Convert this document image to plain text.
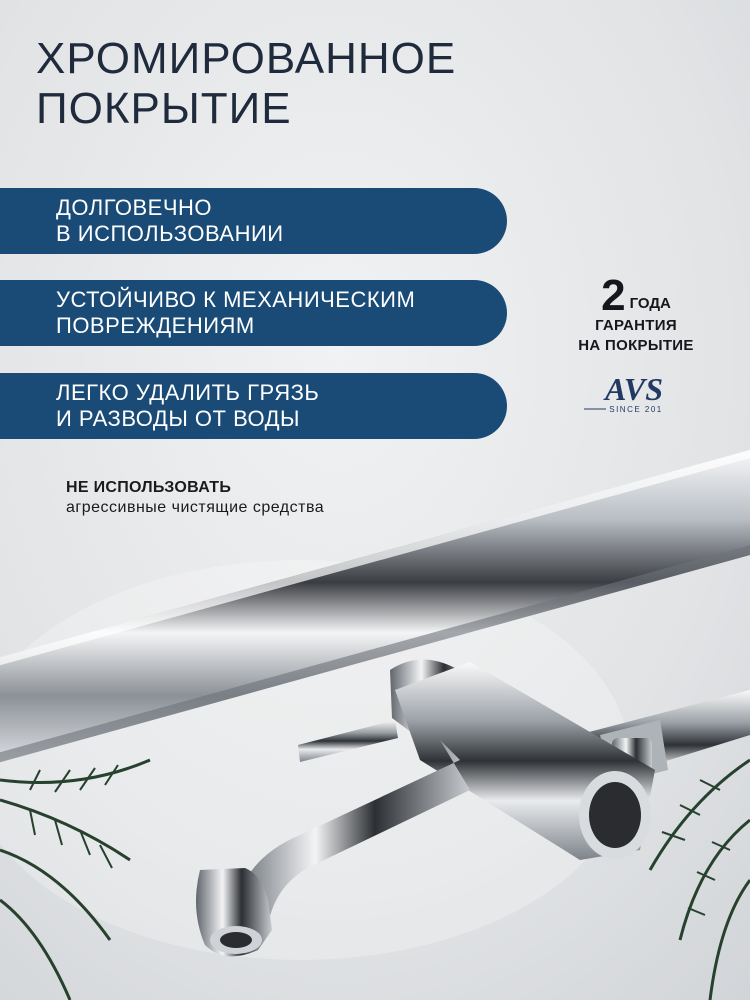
ХРОМИРОВАННОЕ
ПОКРЫТИЕ
ДОЛГОВЕЧНО
В ИСПОЛЬЗОВАНИИ
УСТОЙЧИВО К МЕХАНИЧЕСКИМ
ПОВРЕЖДЕНИЯМ
ЛЕГКО УДАЛИТЬ ГРЯЗЬ
И РАЗВОДЫ ОТ ВОДЫ
НЕ ИСПОЛЬЗОВАТЬ
агрессивные чистящие средства
2 ГОДА
ГАРАНТИЯ
НА ПОКРЫТИЕ
AVS
SINCE 201
